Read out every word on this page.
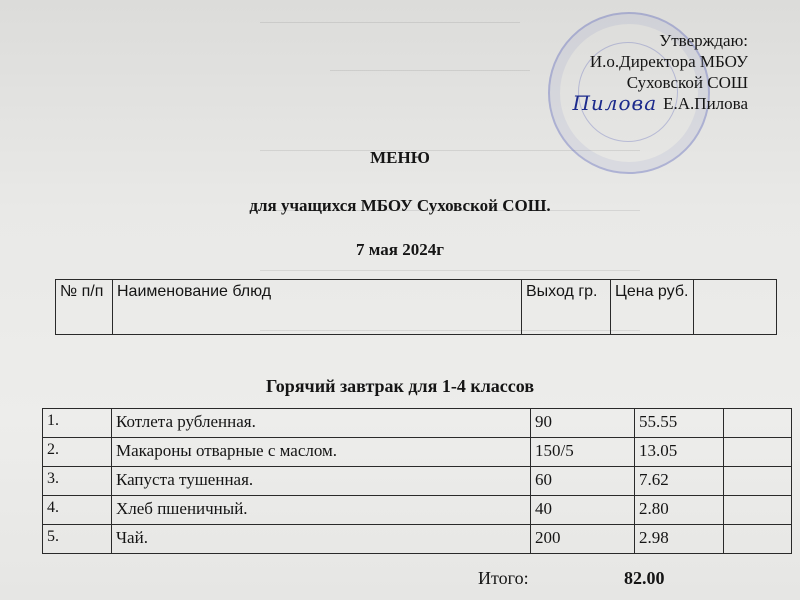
Утверждаю:
И.о.Директора МБОУ
Суховской СОШ
Пилова Е.А.Пилова
МЕНЮ
для учащихся МБОУ Суховской СОШ.
7 мая 2024г
№ п/п	Наименование блюд	Выход гр.	Цена руб.	
Горячий завтрак для 1-4 классов
1.	Котлета рубленная.	90	55.55	
2.	Макароны отварные с маслом.	150/5	13.05	
3.	Капуста тушенная.	60	7.62	
4.	Хлеб пшеничный.	40	2.80	
5.	Чай.	200	2.98	
Итого:	82.00
